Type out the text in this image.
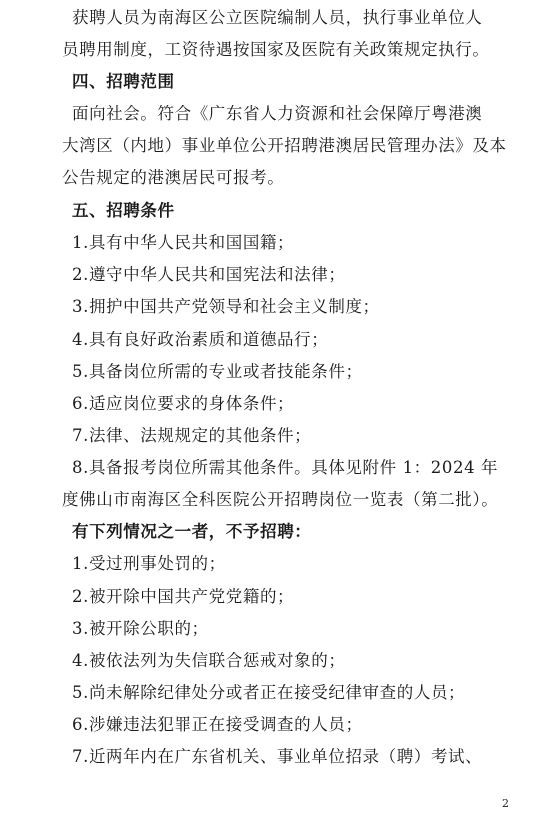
获聘人员为南海区公立医院编制人员，执行事业单位人
员聘用制度，工资待遇按国家及医院有关政策规定执行。
四、招聘范围
面向社会。符合《广东省人力资源和社会保障厅粤港澳
大湾区（内地）事业单位公开招聘港澳居民管理办法》及本
公告规定的港澳居民可报考。
五、招聘条件
1.具有中华人民共和国国籍；
2.遵守中华人民共和国宪法和法律；
3.拥护中国共产党领导和社会主义制度；
4.具有良好政治素质和道德品行；
5.具备岗位所需的专业或者技能条件；
6.适应岗位要求的身体条件；
7.法律、法规规定的其他条件；
8.具备报考岗位所需其他条件。具体见附件 1：2024 年
度佛山市南海区全科医院公开招聘岗位一览表（第二批）。
有下列情况之一者，不予招聘：
1.受过刑事处罚的；
2.被开除中国共产党党籍的；
3.被开除公职的；
4.被依法列为失信联合惩戒对象的；
5.尚未解除纪律处分或者正在接受纪律审查的人员；
6.涉嫌违法犯罪正在接受调查的人员；
7.近两年内在广东省机关、事业单位招录（聘）考试、
2
